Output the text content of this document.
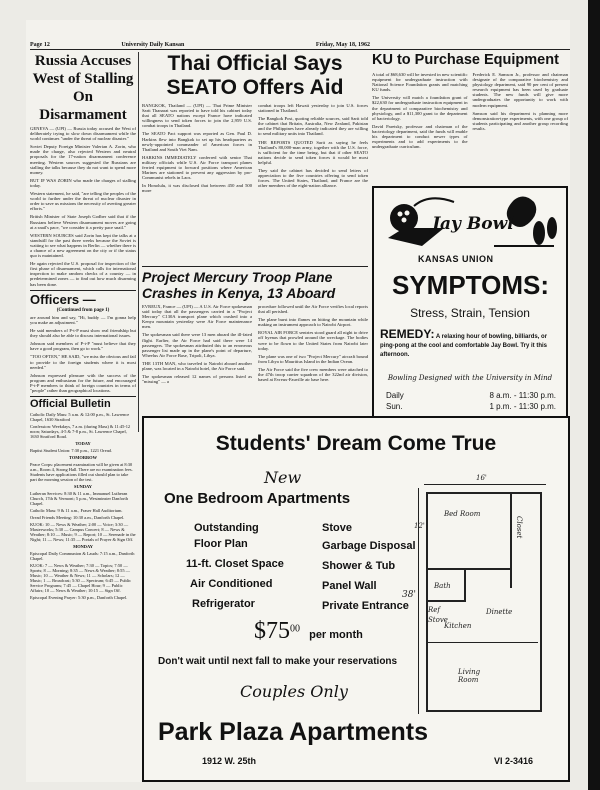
Page 12	University Daily Kansan	Friday, May 18, 1962
Russia Accuses West of Stalling On Disarmament

GENEVA — (UPI) — Russia today accused the West of deliberately trying to slow down disarmament while the world continues "under the threat of nuclear disaster."

Soviet Deputy Foreign Minister Valerian A. Zorin, who made the charge, also rejected Western and neutral proposals for the 17-nation disarmament conference meeting. Western sources suggested the Russians are stalling the talks because they do not want to spend more money.

BUT IF WAS ZORIN who made the charges of stalling today.

Western statement, he said, "are telling the peoples of the world to further under the threat of nuclear disaster in order to save us missions the necessity of averting greater efforts."

British Minister of State Joseph Godber said that if the Russians believe Western disarmament moves are going at a snail's pace, "we consider it a pretty pace snail."

WESTERN SOURCES said Zorin has kept the talks at a standstill for the past three weeks because the Soviet is waiting to see what happens in Berlin — whether there is a chance of a new agreement on the city or if the status quo is maintained.

He again rejected the U.S. proposal for inspection of the first phase of disarmament, which calls for international inspection to make random checks of a country — in predetermined zones — to find out how much disarming has been done.

Officers —
(Continued from page 1)

are around him and say, "Hi, buddy — I'm gonna help you make an adjustment."

He said members of P-t-P must show real friendship but they should also be able to discuss international issues.

Johnson said members of P-t-P "must believe that they have a good program, then go to work."

"TOO OFTEN," HE SAID, "we miss the obvious and fail to provide to the foreign students where it is most needed."

Johnson expressed pleasure with the success of the program and enthusiasm for the future, and encouraged P-t-P members to think of foreign countries in terms of "people" rather than geographical locations.

Official Bulletin

Catholic Daily Mass: 5 a.m. & 12:00 p.m., St. Lawrence Chapel, 1630 Stratford

Confession: Weekdays, 7 a.m. (during Mass) & 11:45-12 noon; Saturdays, 4-5 & 7-8 p.m., St. Lawrence Chapel, 1630 Stratford Road.

TODAY

Baptist Student Union: 7:30 p.m., 1221 Oread.

TOMORROW

Peace Corps: placement examination will be given at 8:30 a.m., Room 4, Strong Hall. There are no examination fees. Students have applications filled out should plan to take part the morning session of the test.

SUNDAY

Lutheran Services: 8:30 & 11 a.m., Immanuel Lutheran Church, 17th & Vermont; 5 p.m., Westminster Danforth Chapel.

Catholic Mass: 9 & 11 a.m., Fraser Hall Auditorium.

Oread Friends Meeting: 10:30 a.m., Danforth Chapel.

KUOK: 10 — News & Weather; 2:00 — Voice; 3:30 — Masterworks; 5:30 — Campus Concert; 8 — News & Weather; 8:10 — Music; 9 — Report; 10 — Serenade in the Night; 11 — News; 11:35 — Portals of Prayer & Sign Off.

MONDAY

Episcopal Daily Communion & Lauds: 7:15 a.m., Danforth Chapel.

KUOK: 7 — News & Weather; 7:30 — Topics; 7:50 — Sports; 8 — Morning; 8:35 — News & Weather; 8:55 — Music; 10 — Weather & News; 11 — Scholars; 12 — Music; 1 — Broadcast; 5:30 — Spectrum; 6:45 — Public Service Programs; 7:45 — Chapel Hour; 9 — Public Affairs; 10 — News & Weather; 10:15 — Sign Off.

Episcopal Evening Prayer: 5:30 p.m., Danforth Chapel.

Thai Official Says SEATO Offers Aid

BANGKOK, Thailand — (UPI) — Thai Prime Minister Sarit Thanarat was reported to have told his cabinet today that all SEATO nations except France have indicated willingness to send token forces to join the 2,959 U.S. combat troops in Thailand.

The SEATO Pact support was reported as Gen. Paul D. Harkins flew into Bangkok to set up his headquarters as newly-appointed commander of American forces in Thailand and South Viet Nam.

HARKINS IMMEDIATELY conferred with senior Thai military officials while U.S. Air Force transport planes ferried equipment to forward positions where American Marines are stationed to prevent any aggression by pro-Communist rebels in Laos.

In Honolulu, it was disclosed that between 450 and 500 more

combat troops left Hawaii yesterday to join U.S. forces stationed in Thailand.

The Bangkok Post, quoting reliable sources, said Sarit told the cabinet that Britain, Australia, New Zealand, Pakistan and the Philippines have already indicated they are willing to send military units into Thailand.

THE REPORTS QUOTED Sarit as saying he feels Thailand's 80,000-man army, together with the U.S. force, is sufficient for the time being, but that if other SEATO nations decide to send token forces it would be most helpful.

They said the cabinet has decided to send letters of appreciation to the five countries offering to send token forces. The United States, Thailand, and France are the other members of the eight-nation alliance.

Project Mercury Troop Plane Crashes in Kenya, 13 Aboard

EVREUX, France — (UPI) — A U.S. Air Force spokesman said today that all the passengers carried in a "Project Mercury" C130A transport plane which crashed into a Kenya mountain yesterday were Air Force maintenance men.

The spokesman said there were 13 men aboard the ill-fated flight. Earlier, the Air Force had said there were 14 passengers. The spokesman attributed this to an erroneous passenger list made up in the plane's point of departure, Wheelus Air Force Base, Tripoli, Libya.

THE 13TH MAN, who traveled to Nairobi aboard another plane, was located in a Nairobi hotel, the Air Force said.

The spokesman released 12 names of persons listed as "missing" — a

procedure followed until the Air Force verifies local reports that all perished.

The plane burst into flames on hitting the mountain while making an instrument approach to Nairobi Airport.

ROYAL AIR FORCE sentries stood guard all night to drive off hyenas that prowled around the wreckage. The bodies were to be flown to the United States from Nairobi later today.

The plane was one of two "Project Mercury" aircraft bound from Libya to Mauritius Island in the Indian Ocean.

The Air Force said the five crew members were attached to the 47th troop carrier squadron of the 322nd air division, based at Evreux-Fauville air base here.

KU to Purchase Equipment

A total of $68,630 will be invested in new scientific equipment for undergraduate instruction with National Science Foundation grants and matching KU funds.

The University will match a foundation grant of $22,630 for undergraduate instruction equipment in the department of comparative biochemistry and physiology, and a $11,300 grant to the department of bacteriology.

David Paretsky, professor and chairman of the bacteriology department, said the funds will enable his department to conduct newer types of experiments and to add experiments to the undergraduate curriculum.

Frederick E. Samson Jr., professor and chairman designate of the comparative biochemistry and physiology department, said 90 per cent of present research equipment has been used by graduate students. The new funds will give more undergraduates the opportunity to work with modern equipment.

Samson said his department is planning more demonstration-type experiments, with one group of students participating and another group recording results.

Jay Bowl
KANSAS UNION
SYMPTOMS:
Stress, Strain, Tension
REMEDY: A relaxing hour of bowling, billiards, or ping-pong at the cool and comfortable Jay Bowl. Try it this afternoon.
Bowling Designed with the University in Mind
Daily	8 a.m. - 11:30 p.m.
Sun.	1 p.m. - 11:30 p.m.
Students' Dream Come True
New
One Bedroom Apartments
Outstanding
Floor Plan
11-ft. Closet Space
Air Conditioned
Refrigerator
Stove
Garbage Disposal
Shower & Tub
Panel Wall
Private Entrance
$\$75^{00}$ per month
Don't wait until next fall to make your reservations
Couples Only
Park Plaza Apartments
1912 W. 25th	VI 2-3416
16'
38'
12'
Bed Room
Closet
Bath
Ref
Stove
Kitchen
Dinette
Living Room
